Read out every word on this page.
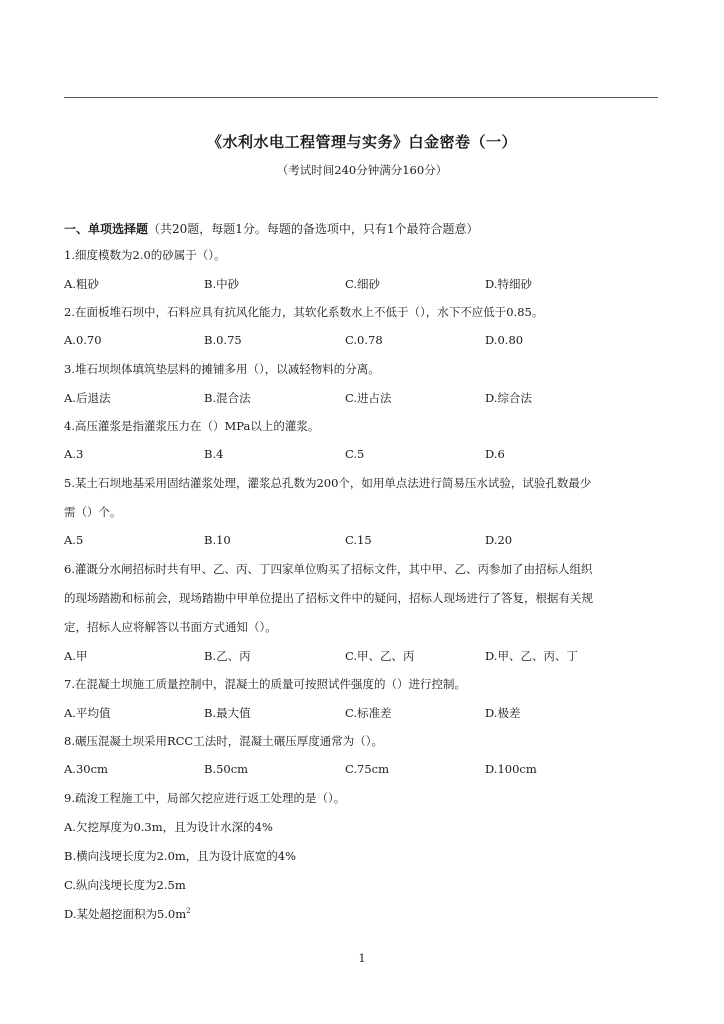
《水利水电工程管理与实务》白金密卷（一）
（考试时间240分钟满分160分）
一、单项选择题（共20题，每题1分。每题的备选项中，只有1个最符合题意）
1.细度模数为2.0的砂属于（）。
A.粗砂	B.中砂	C.细砂	D.特细砂
2.在面板堆石坝中，石料应具有抗风化能力，其软化系数水上不低于（），水下不应低于0.85。
A.0.70	B.0.75	C.0.78	D.0.80
3.堆石坝坝体填筑垫层料的摊铺多用（），以减轻物料的分离。
A.后退法	B.混合法	C.进占法	D.综合法
4.高压灌浆是指灌浆压力在（）MPa以上的灌浆。
A.3	B.4	C.5	D.6
5.某土石坝地基采用固结灌浆处理，灌浆总孔数为200个，如用单点法进行简易压水试验，试验孔数最少
需（）个。
A.5	B.10	C.15	D.20
6.灌溉分水闸招标时共有甲、乙、丙、丁四家单位购买了招标文件，其中甲、乙、丙参加了由招标人组织
的现场踏勘和标前会，现场踏勘中甲单位提出了招标文件中的疑问，招标人现场进行了答复，根据有关规
定，招标人应将解答以书面方式通知（）。
A.甲	B.乙、丙	C.甲、乙、丙	D.甲、乙、丙、丁
7.在混凝土坝施工质量控制中，混凝土的质量可按照试件强度的（）进行控制。
A.平均值	B.最大值	C.标准差	D.极差
8.碾压混凝土坝采用RCC工法时，混凝土碾压厚度通常为（）。
A.30cm	B.50cm	C.75cm	D.100cm
9.疏浚工程施工中，局部欠挖应进行返工处理的是（）。
A.欠挖厚度为0.3m，且为设计水深的4%
B.横向浅埂长度为2.0m，且为设计底宽的4%
C.纵向浅埂长度为2.5m
D.某处超挖面积为$5.0m^2$
1
